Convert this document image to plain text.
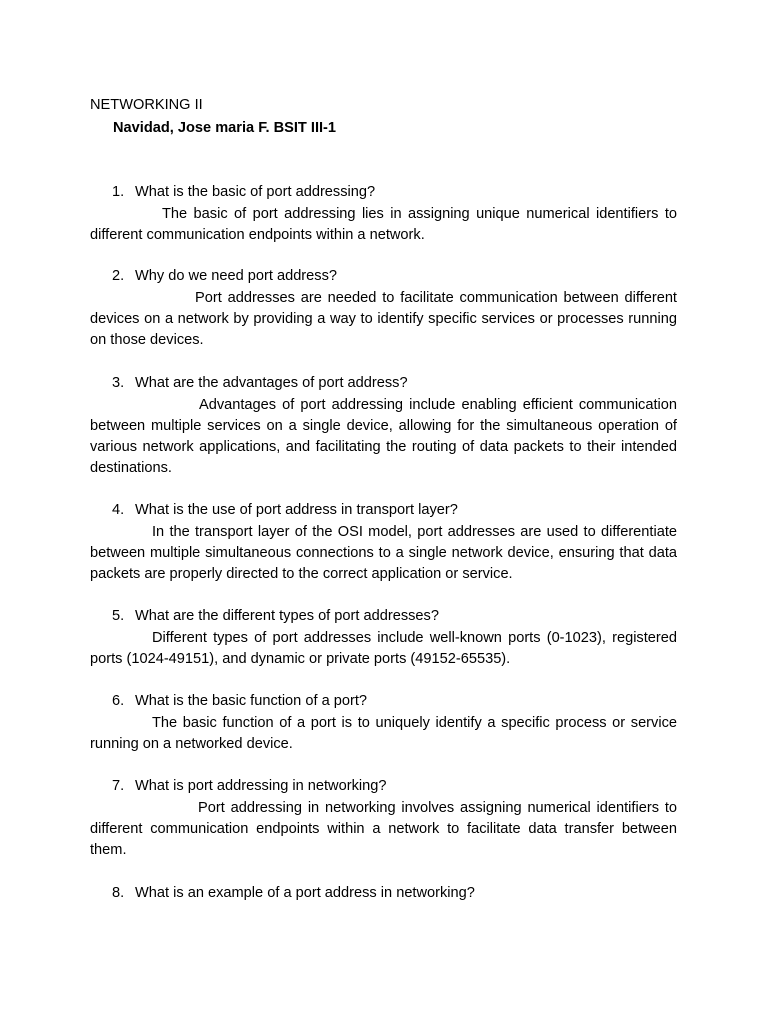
NETWORKING II

Navidad, Jose maria F. BSIT III-1

1. What is the basic of port addressing?

The basic of port addressing lies in assigning unique numerical identifiers to different communication endpoints within a network.

2. Why do we need port address?

Port addresses are needed to facilitate communication between different devices on a network by providing a way to identify specific services or processes running on those devices.

3. What are the advantages of port address?

Advantages of port addressing include enabling efficient communication between multiple services on a single device, allowing for the simultaneous operation of various network applications, and facilitating the routing of data packets to their intended destinations.

4. What is the use of port address in transport layer?

In the transport layer of the OSI model, port addresses are used to differentiate between multiple simultaneous connections to a single network device, ensuring that data packets are properly directed to the correct application or service.

5. What are the different types of port addresses?

Different types of port addresses include well-known ports (0-1023), registered ports (1024-49151), and dynamic or private ports (49152-65535).

6. What is the basic function of a port?

The basic function of a port is to uniquely identify a specific process or service running on a networked device.

7. What is port addressing in networking?

Port addressing in networking involves assigning numerical identifiers to different communication endpoints within a network to facilitate data transfer between them.

8. What is an example of a port address in networking?
